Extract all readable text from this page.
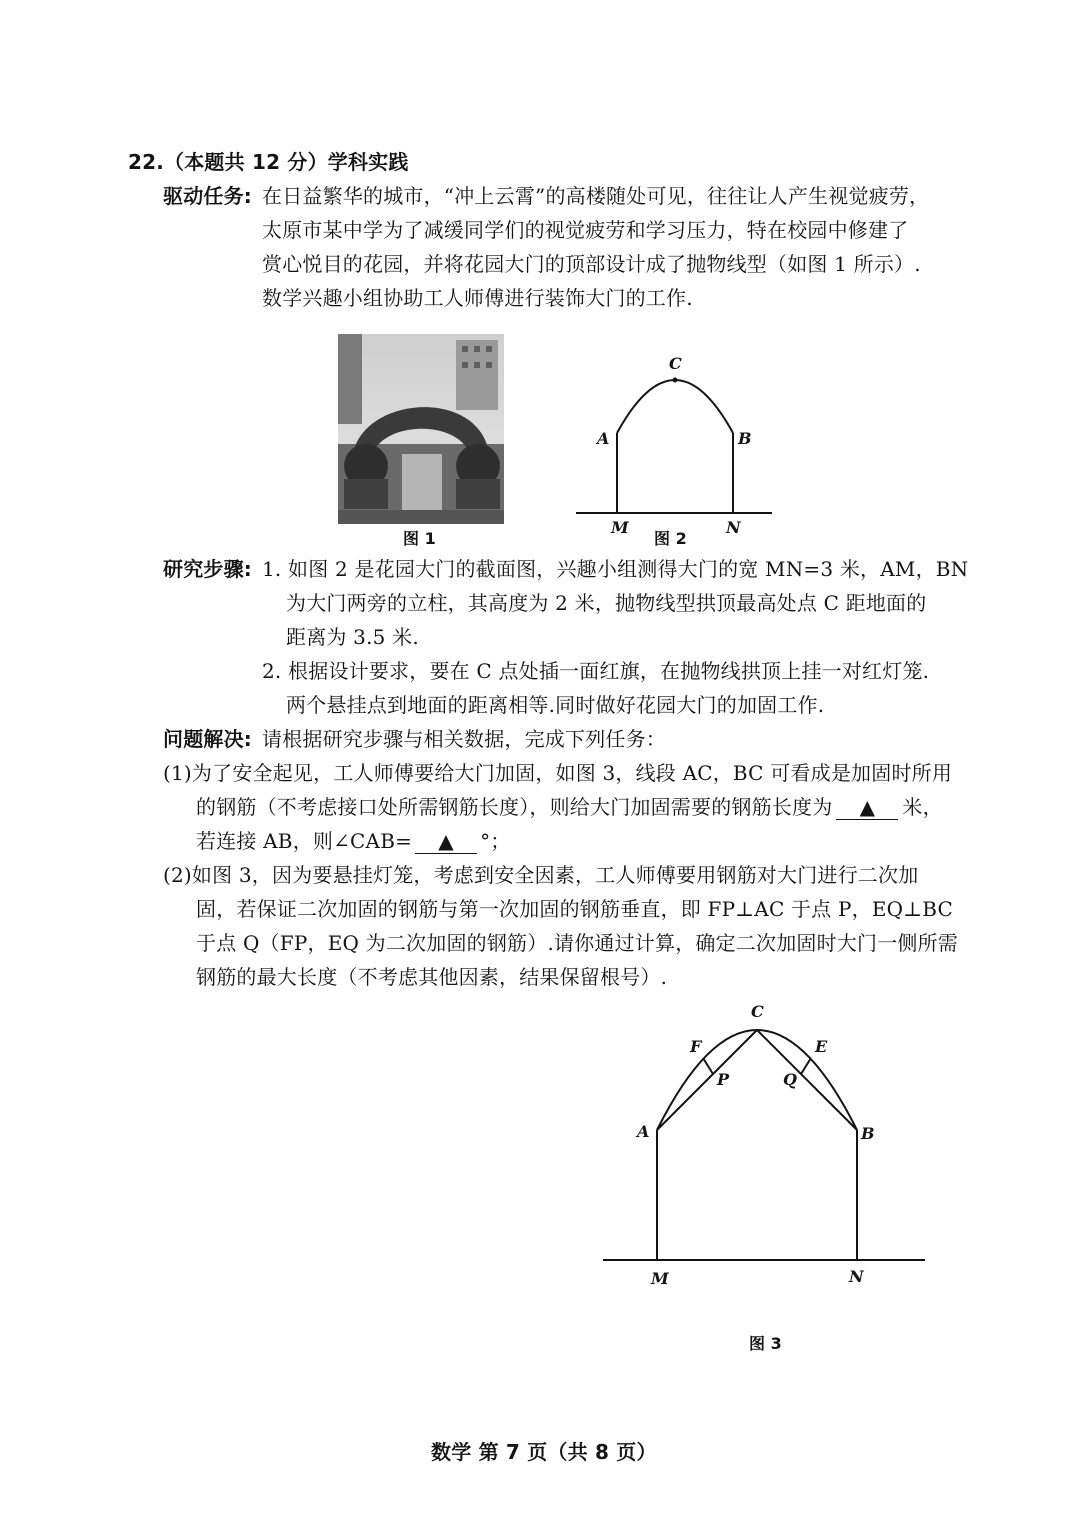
22.（本题共 12 分）学科实践
驱动任务: 在日益繁华的城市，“冲上云霄”的高楼随处可见，往往让人产生视觉疲劳，
太原市某中学为了减缓同学们的视觉疲劳和学习压力，特在校园中修建了
赏心悦目的花园，并将花园大门的顶部设计成了抛物线型（如图 1 所示）.
数学兴趣小组协助工人师傅进行装饰大门的工作.
图 1
C
A	B
M	N
图 2
研究步骤: 1. 如图 2 是花园大门的截面图，兴趣小组测得大门的宽 MN=3 米，AM，BN
为大门两旁的立柱，其高度为 2 米，抛物线型拱顶最高处点 C 距地面的
距离为 3.5 米.
2. 根据设计要求，要在 C 点处插一面红旗，在抛物线拱顶上挂一对红灯笼.
两个悬挂点到地面的距离相等.同时做好花园大门的加固工作.
问题解决: 请根据研究步骤与相关数据，完成下列任务：
(1)为了安全起见，工人师傅要给大门加固，如图 3，线段 AC，BC 可看成是加固时所用
的钢筋（不考虑接口处所需钢筋长度），则给大门加固需要的钢筋长度为 ▲ 米，
若连接 AB，则∠CAB= ▲ °；
(2)如图 3，因为要悬挂灯笼，考虑到安全因素，工人师傅要用钢筋对大门进行二次加
固，若保证二次加固的钢筋与第一次加固的钢筋垂直，即 FP⊥AC 于点 P，EQ⊥BC
于点 Q（FP，EQ 为二次加固的钢筋）.请你通过计算，确定二次加固时大门一侧所需
钢筋的最大长度（不考虑其他因素，结果保留根号）.
C
F	E
P	Q
A	B
M	N
图 3
数学 第 7 页（共 8 页）
